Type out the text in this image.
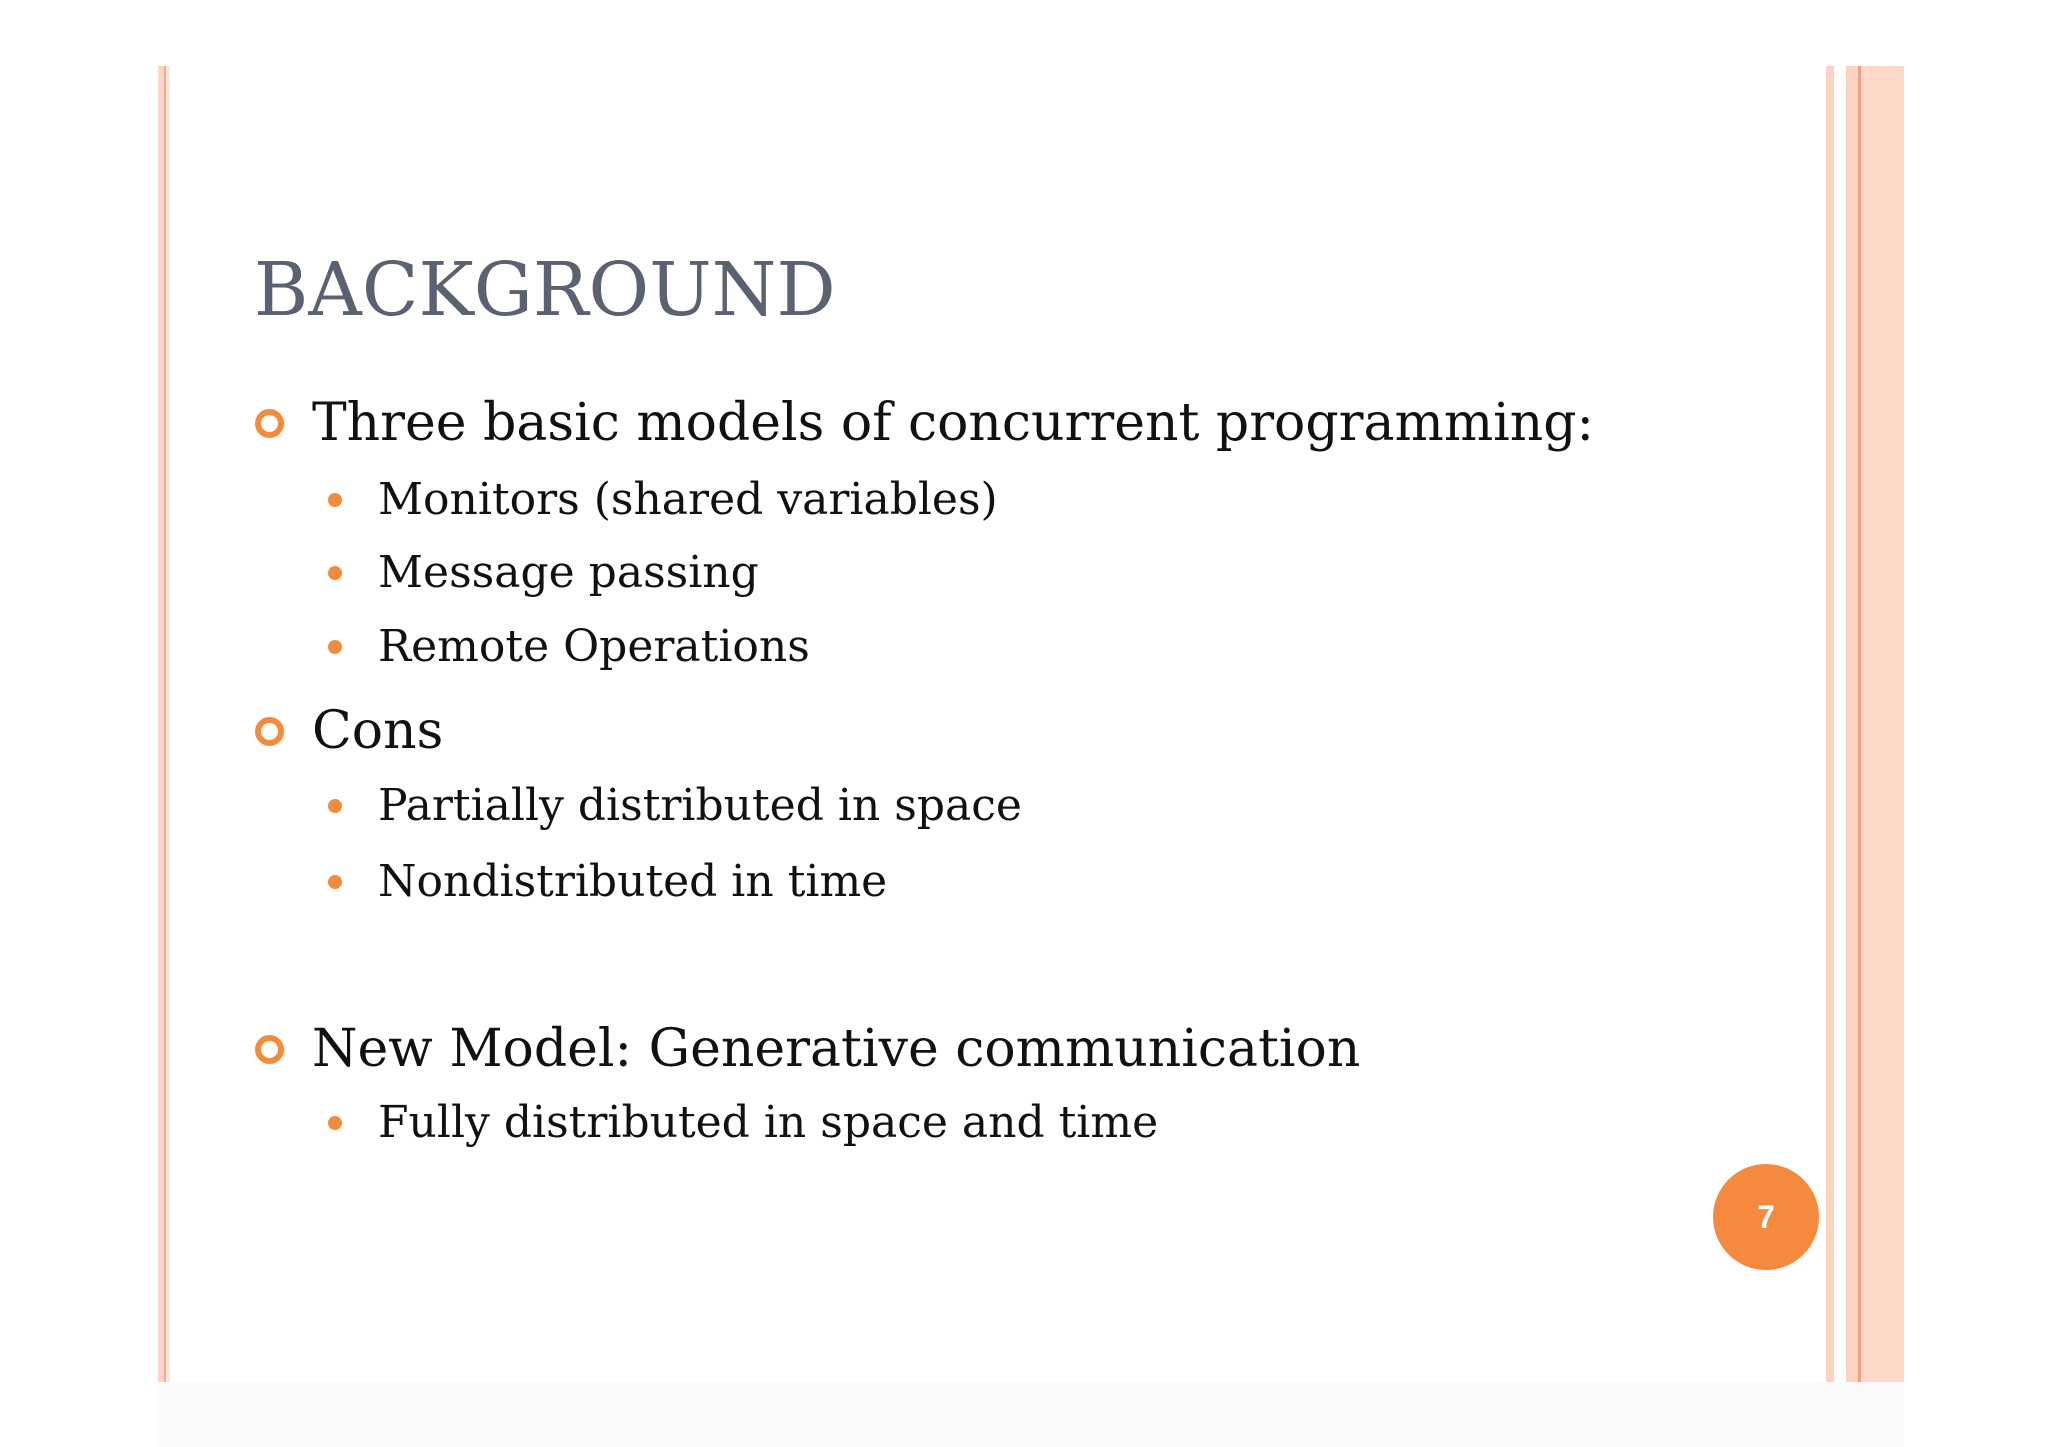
BACKGROUND
Three basic models of concurrent programming:
Monitors (shared variables)
Message passing
Remote Operations
Cons
Partially distributed in space
Nondistributed in time
New Model: Generative communication
Fully distributed in space and time
7
